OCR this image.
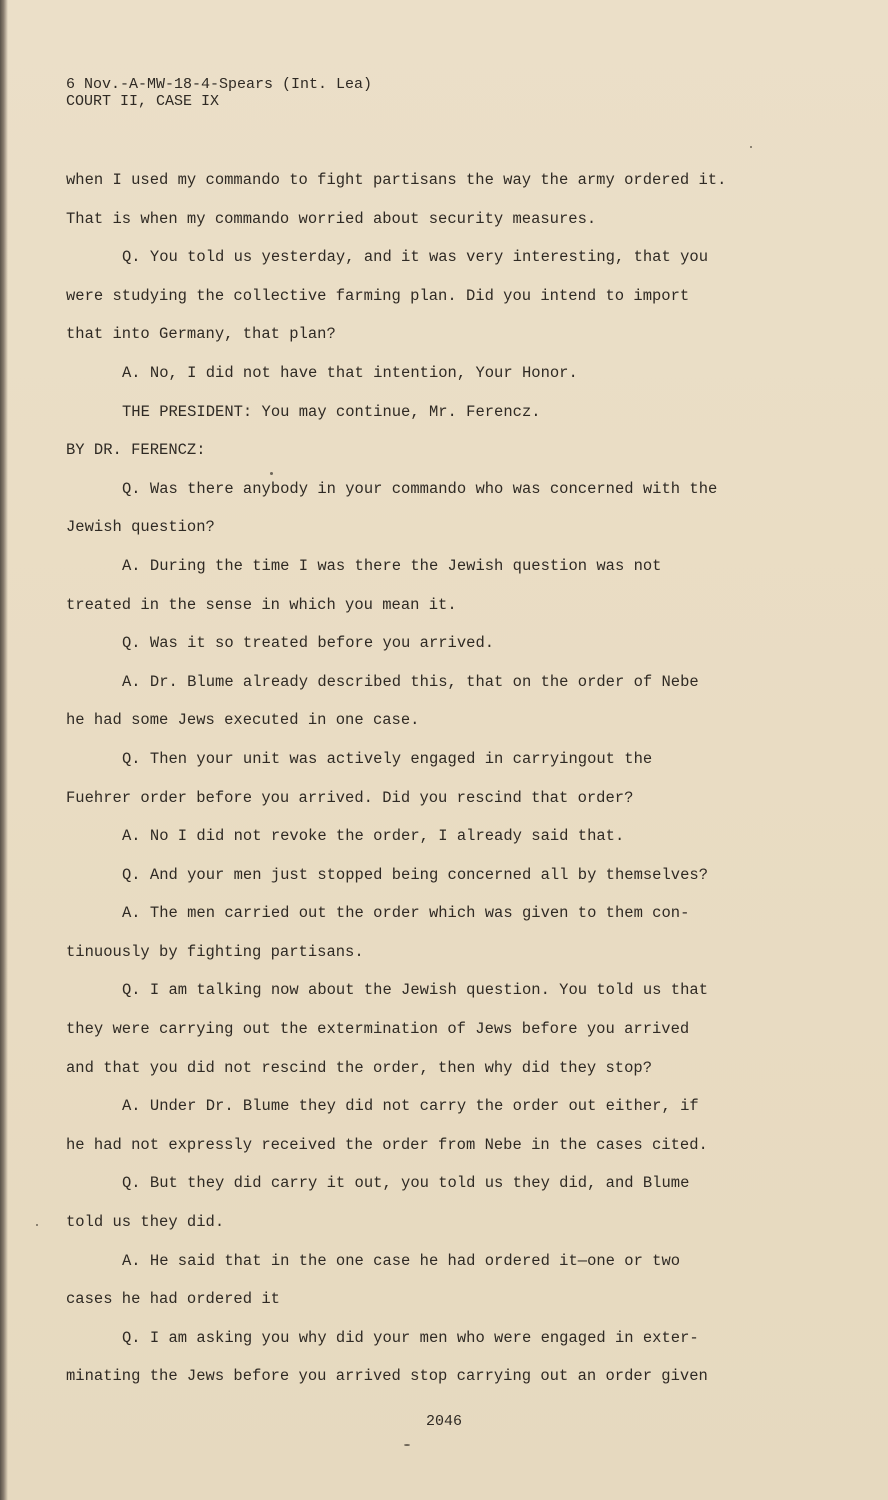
6 Nov.-A-MW-18-4-Spears (Int. Lea)
COURT II, CASE IX
when I used my commando to fight partisans the way the army ordered it.
That is when my commando worried about security measures.
Q. You told us yesterday, and it was very interesting, that you
were studying the collective farming plan. Did you intend to import
that into Germany, that plan?
A. No, I did not have that intention, Your Honor.
THE PRESIDENT: You may continue, Mr. Ferencz.
BY DR. FERENCZ:
Q. Was there anybody in your commando who was concerned with the
Jewish question?
A. During the time I was there the Jewish question was not
treated in the sense in which you mean it.
Q. Was it so treated before you arrived.
A. Dr. Blume already described this, that on the order of Nebe
he had some Jews executed in one case.
Q. Then your unit was actively engaged in carryingout the
Fuehrer order before you arrived. Did you rescind that order?
A. No I did not revoke the order, I already said that.
Q. And your men just stopped being concerned all by themselves?
A. The men carried out the order which was given to them con-
tinuously by fighting partisans.
Q. I am talking now about the Jewish question. You told us that
they were carrying out the extermination of Jews before you arrived
and that you did not rescind the order, then why did they stop?
A. Under Dr. Blume they did not carry the order out either, if
he had not expressly received the order from Nebe in the cases cited.
Q. But they did carry it out, you told us they did, and Blume
told us they did.
A. He said that in the one case he had ordered it—one or two
cases he had ordered it
Q. I am asking you why did your men who were engaged in exter-
minating the Jews before you arrived stop carrying out an order given
2046
